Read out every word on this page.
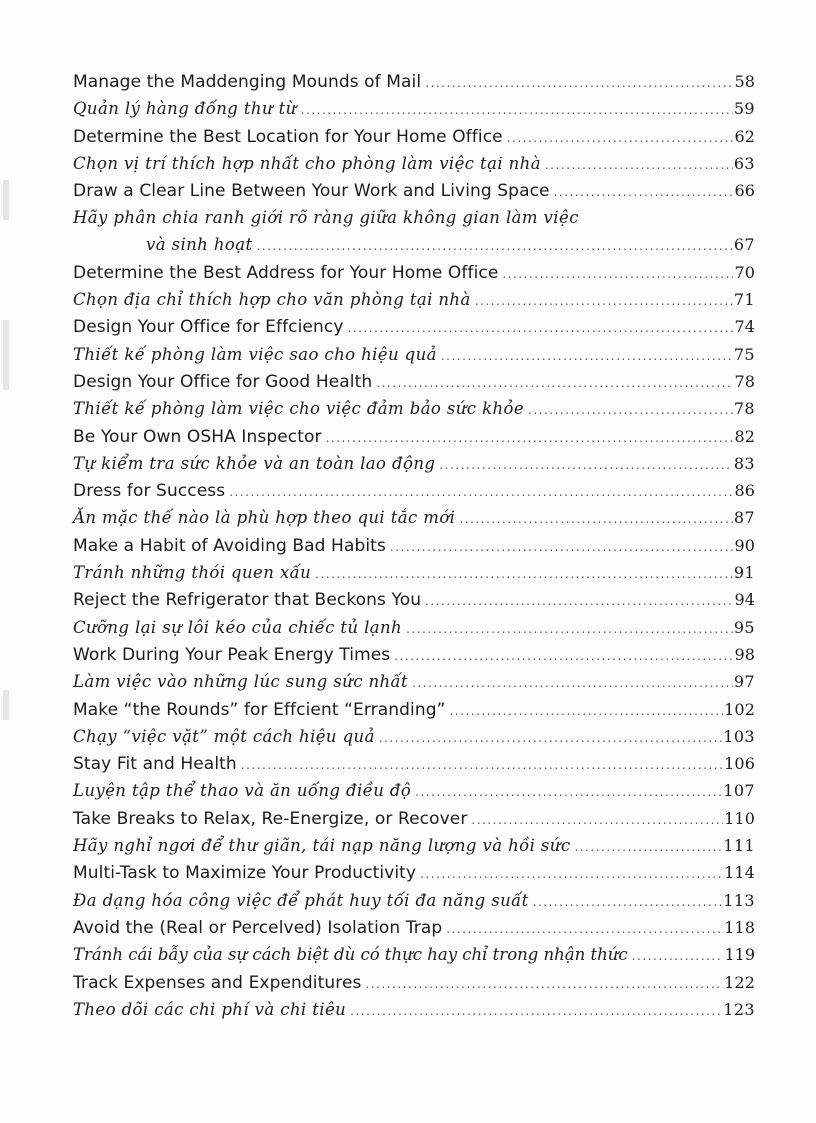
Manage the Maddenging Mounds of Mail .....	58
Quản lý hàng đống thư từ .....	59
Determine the Best Location for Your Home Office .....	62
Chọn vị trí thích hợp nhất cho phòng làm việc tại nhà .....	63
Draw a Clear Line Between Your Work and Living Space .....	66
Hãy phân chia ranh giới rõ ràng giữa không gian làm việc
và sinh hoạt .....	67
Determine the Best Address for Your Home Office .....	70
Chọn địa chỉ thích hợp cho văn phòng tại nhà .....	71
Design Your Office for Effciency .....	74
Thiết kế phòng làm việc sao cho hiệu quả .....	75
Design Your Office for Good Health .....	78
Thiết kế phòng làm việc cho việc đảm bảo sức khỏe .....	78
Be Your Own OSHA Inspector .....	82
Tự kiểm tra sức khỏe và an toàn lao động .....	83
Dress for Success .....	86
Ăn mặc thế nào là phù hợp theo qui tắc mới .....	87
Make a Habit of Avoiding Bad Habits .....	90
Tránh những thói quen xấu .....	91
Reject the Refrigerator that Beckons You .....	94
Cưỡng lại sự lôi kéo của chiếc tủ lạnh .....	95
Work During Your Peak Energy Times .....	98
Làm việc vào những lúc sung sức nhất .....	97
Make “the Rounds” for Effcient “Erranding” .....	102
Chạy “việc vặt” một cách hiệu quả .....	103
Stay Fit and Health .....	106
Luyện tập thể thao và ăn uống điều độ .....	107
Take Breaks to Relax, Re-Energize, or Recover .....	110
Hãy nghỉ ngơi để thư giãn, tái nạp năng lượng và hồi sức .....	111
Multi-Task to Maximize Your Productivity .....	114
Đa dạng hóa công việc để phát huy tối đa năng suất .....	113
Avoid the (Real or Percelved) Isolation Trap .....	118
Tránh cái bẫy của sự cách biệt dù có thực hay chỉ trong nhận thức .....	119
Track Expenses and Expenditures .....	122
Theo dõi các chi phí và chi tiêu .....	123
